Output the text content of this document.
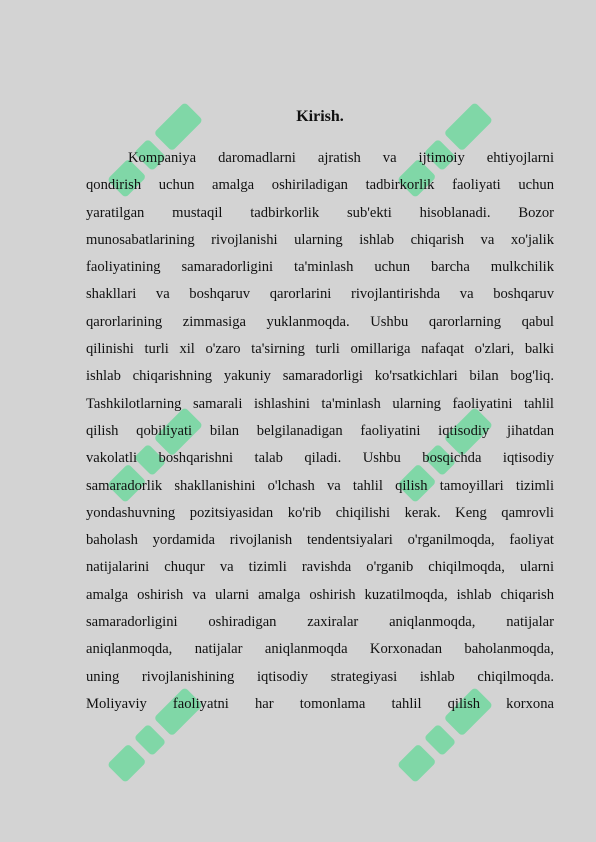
Kirish.
Kompaniya daromadlarni ajratish va ijtimoiy ehtiyojlarni
qondirish uchun amalga oshiriladigan tadbirkorlik faoliyati uchun
yaratilgan mustaqil tadbirkorlik sub'ekti hisoblanadi. Bozor
munosabatlarining rivojlanishi ularning ishlab chiqarish va xo'jalik
faoliyatining samaradorligini ta'minlash uchun barcha mulkchilik
shakllari va boshqaruv qarorlarini rivojlantirishda va boshqaruv
qarorlarining zimmasiga yuklanmoqda. Ushbu qarorlarning qabul
qilinishi turli xil o'zaro ta'sirning turli omillariga nafaqat o'zlari, balki
ishlab chiqarishning yakuniy samaradorligi ko'rsatkichlari bilan bog'liq.
Tashkilotlarning samarali ishlashini ta'minlash ularning faoliyatini tahlil
qilish qobiliyati bilan belgilanadigan faoliyatini iqtisodiy jihatdan
vakolatli boshqarishni talab qiladi. Ushbu bosqichda iqtisodiy
samaradorlik shakllanishini o'lchash va tahlil qilish tamoyillari tizimli
yondashuvning pozitsiyasidan ko'rib chiqilishi kerak. Keng qamrovli
baholash yordamida rivojlanish tendentsiyalari o'rganilmoqda, faoliyat
natijalarini chuqur va tizimli ravishda o'rganib chiqilmoqda, ularni
amalga oshirish va ularni amalga oshirish kuzatilmoqda, ishlab chiqarish
samaradorligini oshiradigan zaxiralar aniqlanmoqda, natijalar
aniqlanmoqda, natijalar aniqlanmoqda Korxonadan baholanmoqda,
uning rivojlanishining iqtisodiy strategiyasi ishlab chiqilmoqda.
Moliyaviy faoliyatni har tomonlama tahlil qilish korxona
